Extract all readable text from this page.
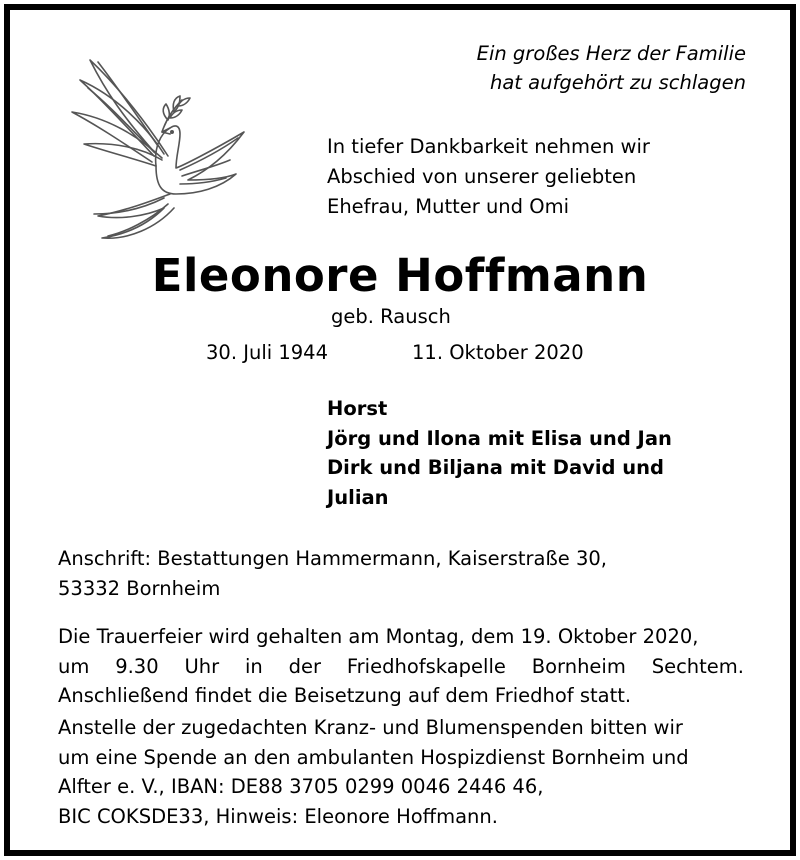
Ein großes Herz der Familie
hat aufgehört zu schlagen
In tiefer Dankbarkeit nehmen wir
Abschied von unserer geliebten
Ehefrau, Mutter und Omi
Eleonore Hoffmann
geb. Rausch
30. Juli 1944	11. Oktober 2020
Horst
Jörg und Ilona mit Elisa und Jan
Dirk und Biljana mit David und
Julian
Anschrift: Bestattungen Hammermann, Kaiserstraße 30,
53332 Bornheim
Die Trauerfeier wird gehalten am Montag, dem 19. Oktober 2020,
um 9.30 Uhr in der Friedhofskapelle Bornheim Sechtem.
Anschließend findet die Beisetzung auf dem Friedhof statt.
Anstelle der zugedachten Kranz- und Blumenspenden bitten wir
um eine Spende an den ambulanten Hospizdienst Bornheim und
Alfter e. V., IBAN: DE88 3705 0299 0046 2446 46,
BIC COKSDE33, Hinweis: Eleonore Hoffmann.
